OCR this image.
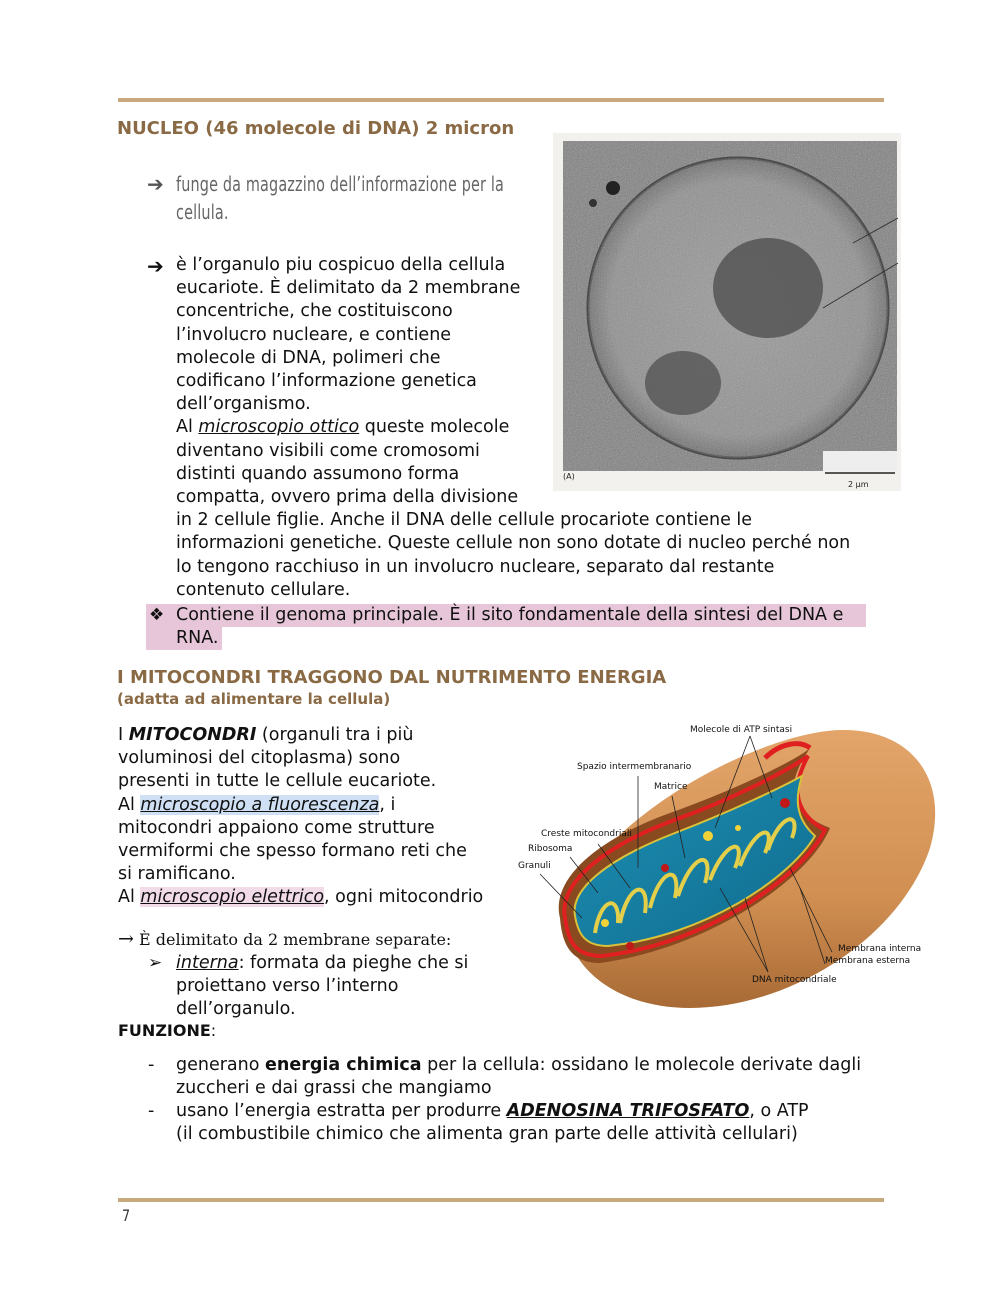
NUCLEO (46 molecole di DNA) 2 micron
(A)
2 µm
➔ funge da magazzino dell’informazione per la
cellula.
➔ è l’organulo piu cospicuo della cellula
eucariote. È delimitato da 2 membrane
concentriche, che costituiscono
l’involucro nucleare, e contiene
molecole di DNA, polimeri che
codificano l’informazione genetica
dell’organismo.
Al microscopio ottico queste molecole
diventano visibili come cromosomi
distinti quando assumono forma
compatta, ovvero prima della divisione
in 2 cellule figlie. Anche il DNA delle cellule procariote contiene le
informazioni genetiche. Queste cellule non sono dotate di nucleo perché non
lo tengono racchiuso in un involucro nucleare, separato dal restante
contenuto cellulare.
❖ Contiene il genoma principale. È il sito fondamentale della sintesi del DNA e
RNA.
I MITOCONDRI TRAGGONO DAL NUTRIMENTO ENERGIA
(adatta ad alimentare la cellula)
I MITOCONDRI (organuli tra i più
voluminosi del citoplasma) sono
presenti in tutte le cellule eucariote.
Al microscopio a fluorescenza, i
mitocondri appaiono come strutture
vermiformi che spesso formano reti che
si ramificano.
Al microscopio elettrico, ogni mitocondrio
→ È delimitato da 2 membrane separate:
➢ interna: formata da pieghe che si
proiettano verso l’interno
dell’organulo.
FUNZIONE:
- generano energia chimica per la cellula: ossidano le molecole derivate dagli
zuccheri e dai grassi che mangiamo
- usano l’energia estratta per produrre ADENOSINA TRIFOSFATO, o ATP
(il combustibile chimico che alimenta gran parte delle attività cellulari)
Molecole di ATP sintasi
Spazio intermembranario
Matrice
Creste mitocondriali
Ribosoma
Granuli
Membrana interna
Membrana esterna
DNA mitocondriale
7
